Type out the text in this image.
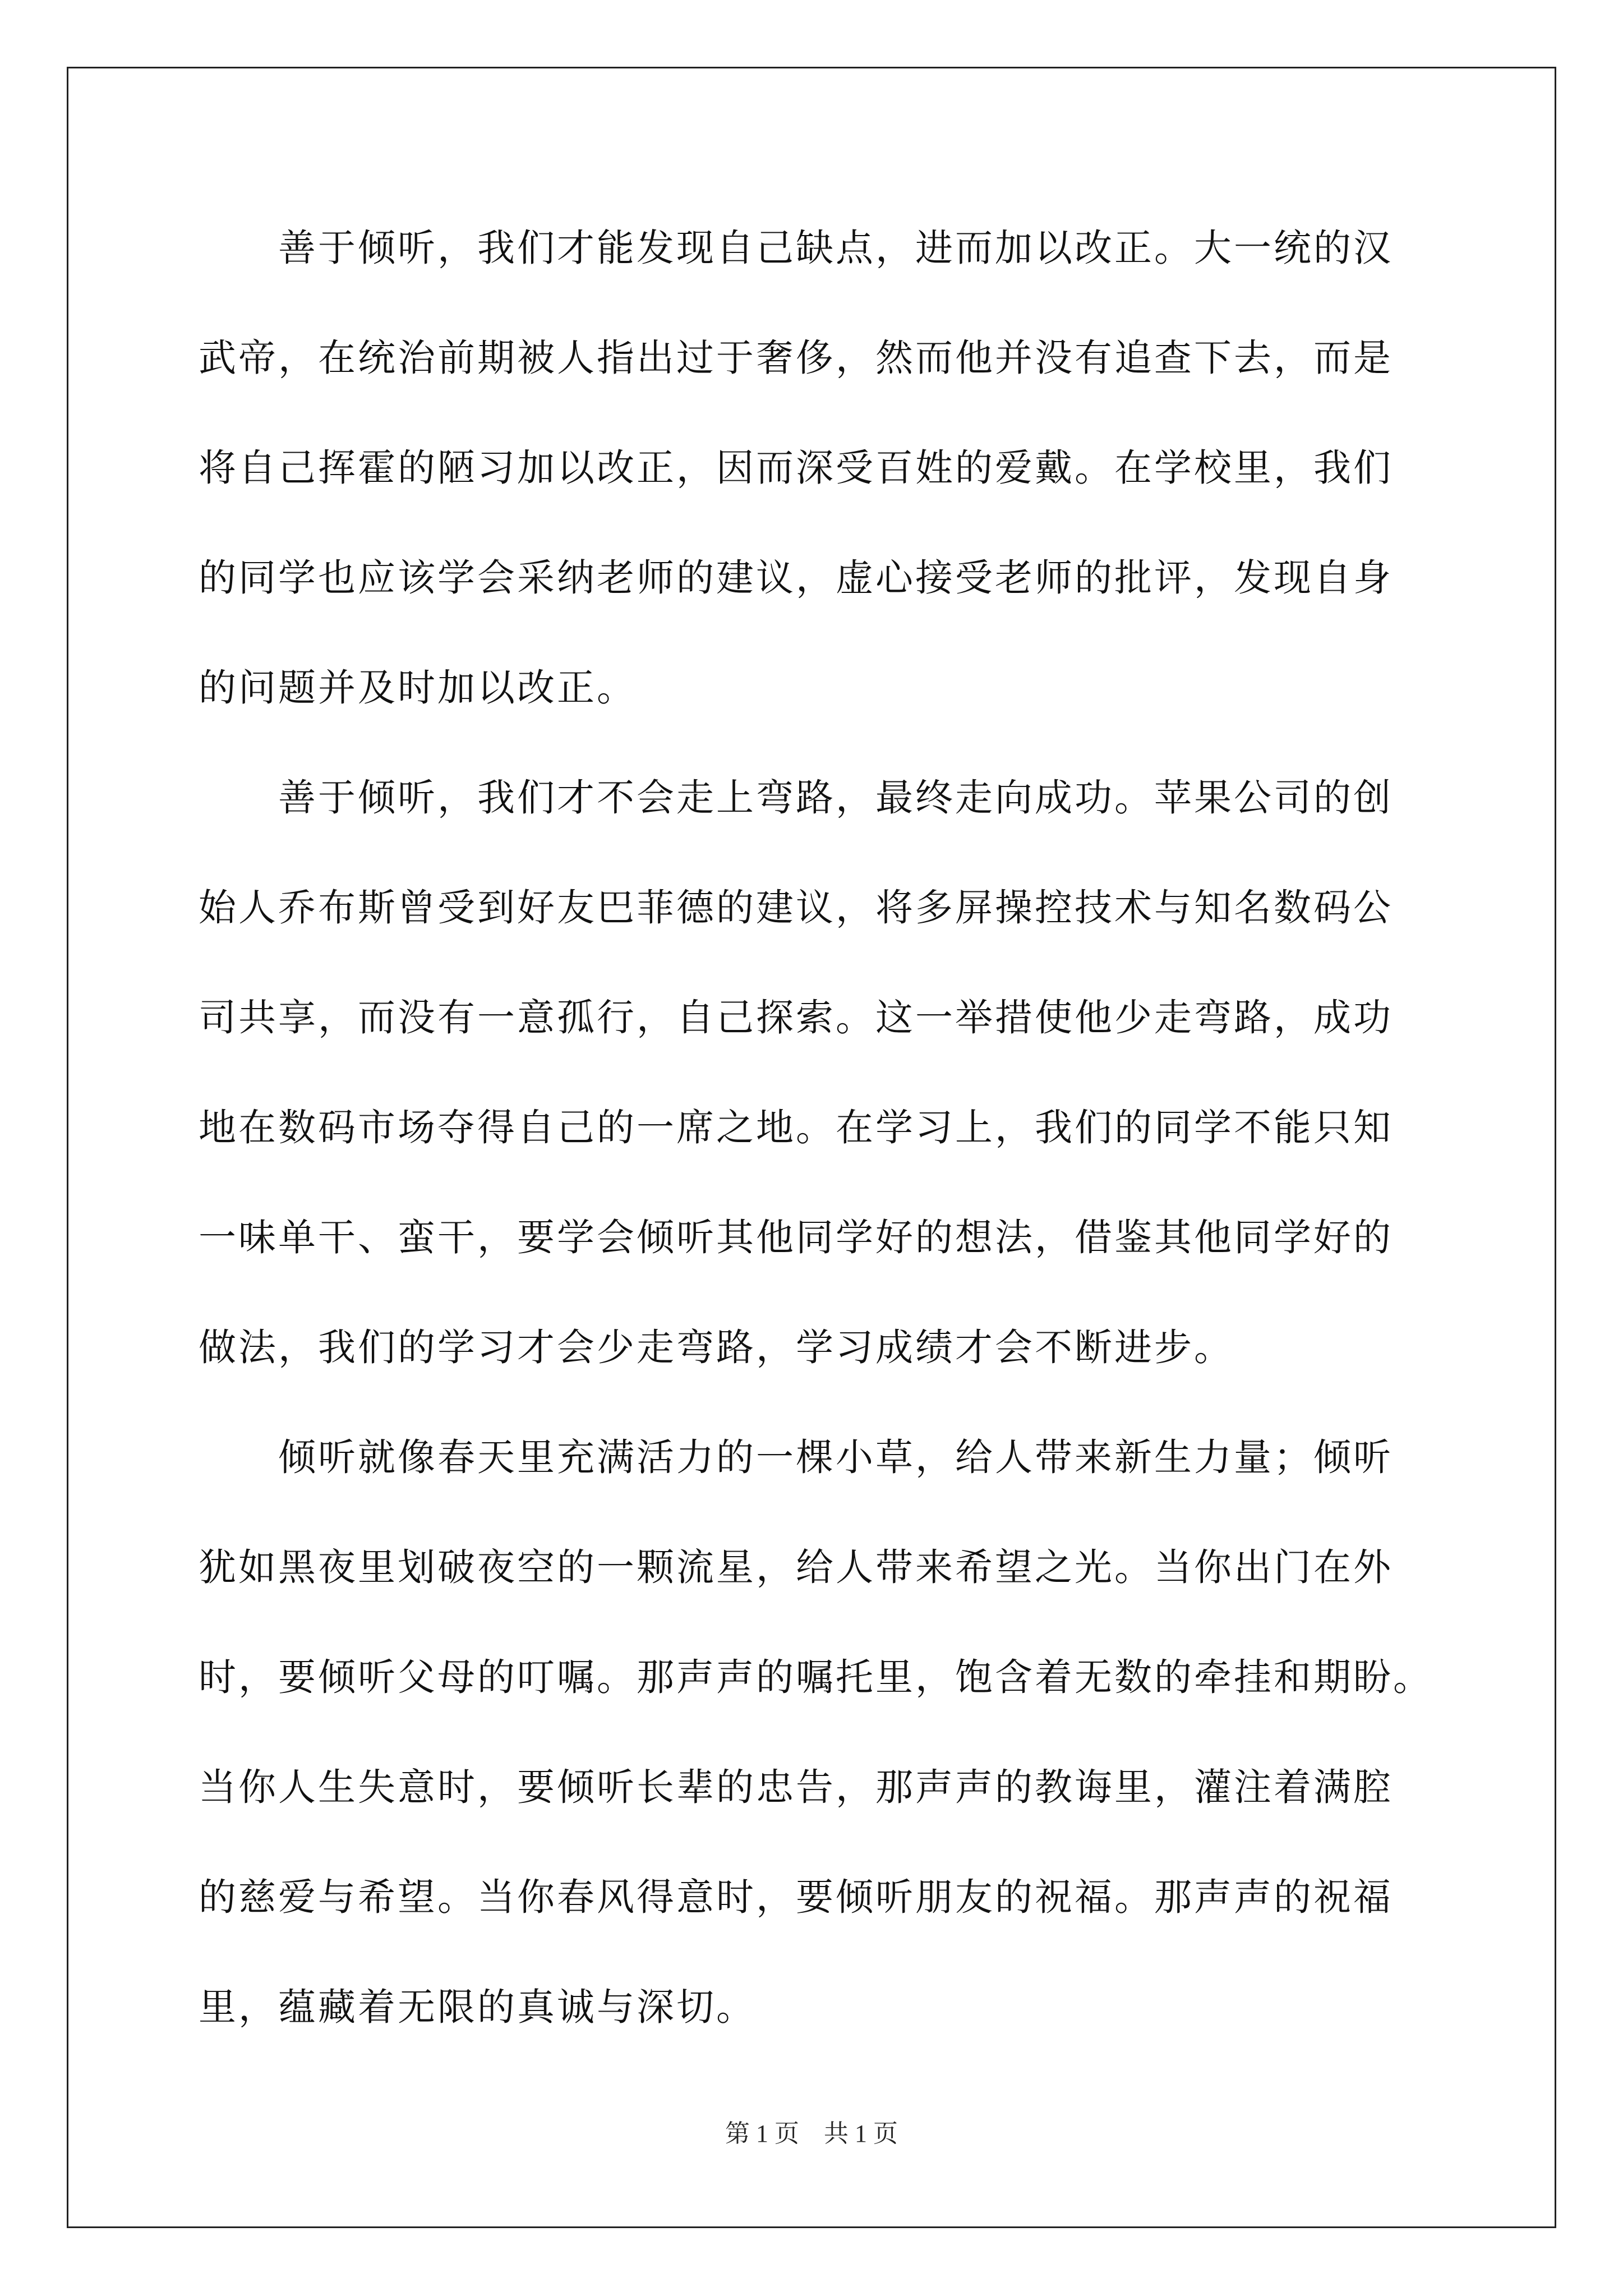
　　善于倾听，我们才能发现自己缺点，进而加以改正。大一统的汉
武帝，在统治前期被人指出过于奢侈，然而他并没有追查下去，而是
将自己挥霍的陋习加以改正，因而深受百姓的爱戴。在学校里，我们
的同学也应该学会采纳老师的建议，虚心接受老师的批评，发现自身
的问题并及时加以改正。
　　善于倾听，我们才不会走上弯路，最终走向成功。苹果公司的创
始人乔布斯曾受到好友巴菲德的建议，将多屏操控技术与知名数码公
司共享，而没有一意孤行，自己探索。这一举措使他少走弯路，成功
地在数码市场夺得自己的一席之地。在学习上，我们的同学不能只知
一味单干、蛮干，要学会倾听其他同学好的想法，借鉴其他同学好的
做法，我们的学习才会少走弯路，学习成绩才会不断进步。
　　倾听就像春天里充满活力的一棵小草，给人带来新生力量；倾听
犹如黑夜里划破夜空的一颗流星，给人带来希望之光。当你出门在外
时，要倾听父母的叮嘱。那声声的嘱托里，饱含着无数的牵挂和期盼。
当你人生失意时，要倾听长辈的忠告，那声声的教诲里，灌注着满腔
的慈爱与希望。当你春风得意时，要倾听朋友的祝福。那声声的祝福
里，蕴藏着无限的真诚与深切。
第 1 页　共 1 页
